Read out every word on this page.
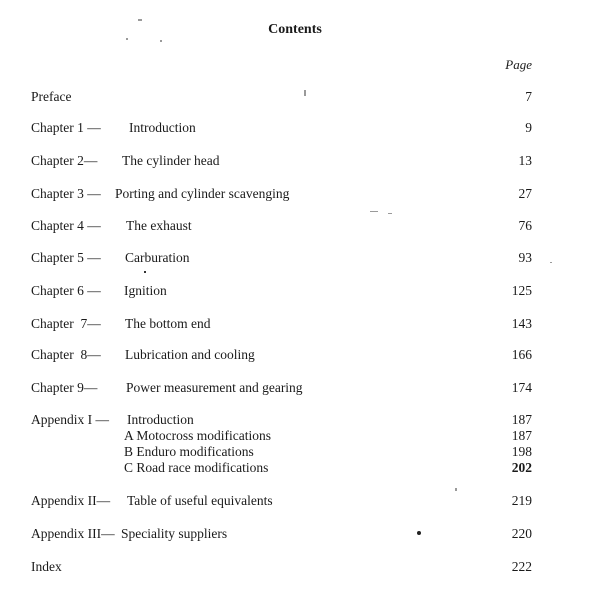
Contents
Page
Preface	7
Chapter 1 — Introduction	9
Chapter 2— The cylinder head	13
Chapter 3 — Porting and cylinder scavenging	27
Chapter 4 — The exhaust	76
Chapter 5 — Carburation	93
Chapter 6 — Ignition	125
Chapter  7— The bottom end	143
Chapter  8— Lubrication and cooling	166
Chapter 9— Power measurement and gearing	174
Appendix I — Introduction	187
A Motocross modifications	187
B Enduro modifications	198
C Road race modifications	202
Appendix II— Table of useful equivalents	219
Appendix III— Speciality suppliers	220
Index	222
